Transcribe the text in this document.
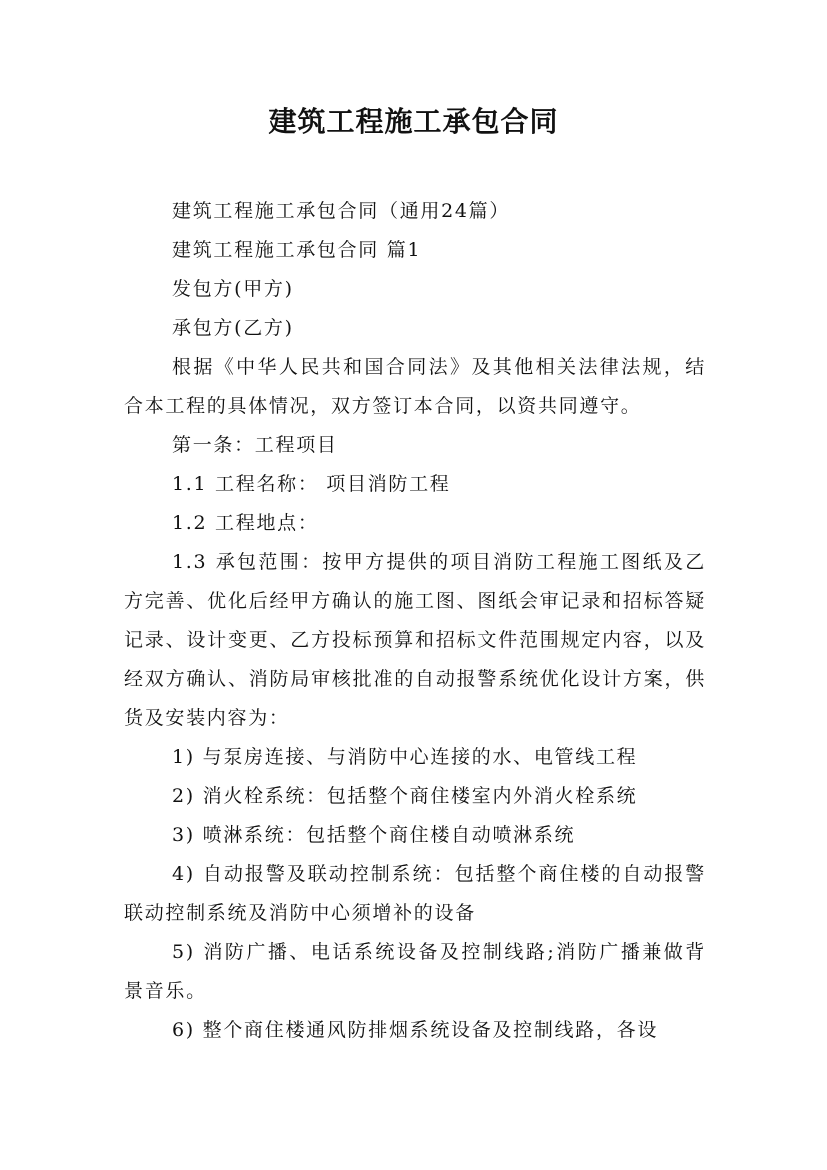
建筑工程施工承包合同

建筑工程施工承包合同（通用24篇）

建筑工程施工承包合同 篇1

发包方(甲方)

承包方(乙方)

根据《中华人民共和国合同法》及其他相关法律法规，结合本工程的具体情况，双方签订本合同，以资共同遵守。

第一条：工程项目

1.1 工程名称： 项目消防工程

1.2 工程地点：

1.3 承包范围：按甲方提供的项目消防工程施工图纸及乙方完善、优化后经甲方确认的施工图、图纸会审记录和招标答疑记录、设计变更、乙方投标预算和招标文件范围规定内容，以及经双方确认、消防局审核批准的自动报警系统优化设计方案，供货及安装内容为：

1) 与泵房连接、与消防中心连接的水、电管线工程

2) 消火栓系统：包括整个商住楼室内外消火栓系统

3) 喷淋系统：包括整个商住楼自动喷淋系统

4) 自动报警及联动控制系统：包括整个商住楼的自动报警联动控制系统及消防中心须增补的设备

5) 消防广播、电话系统设备及控制线路;消防广播兼做背景音乐。

6) 整个商住楼通风防排烟系统设备及控制线路，各设
